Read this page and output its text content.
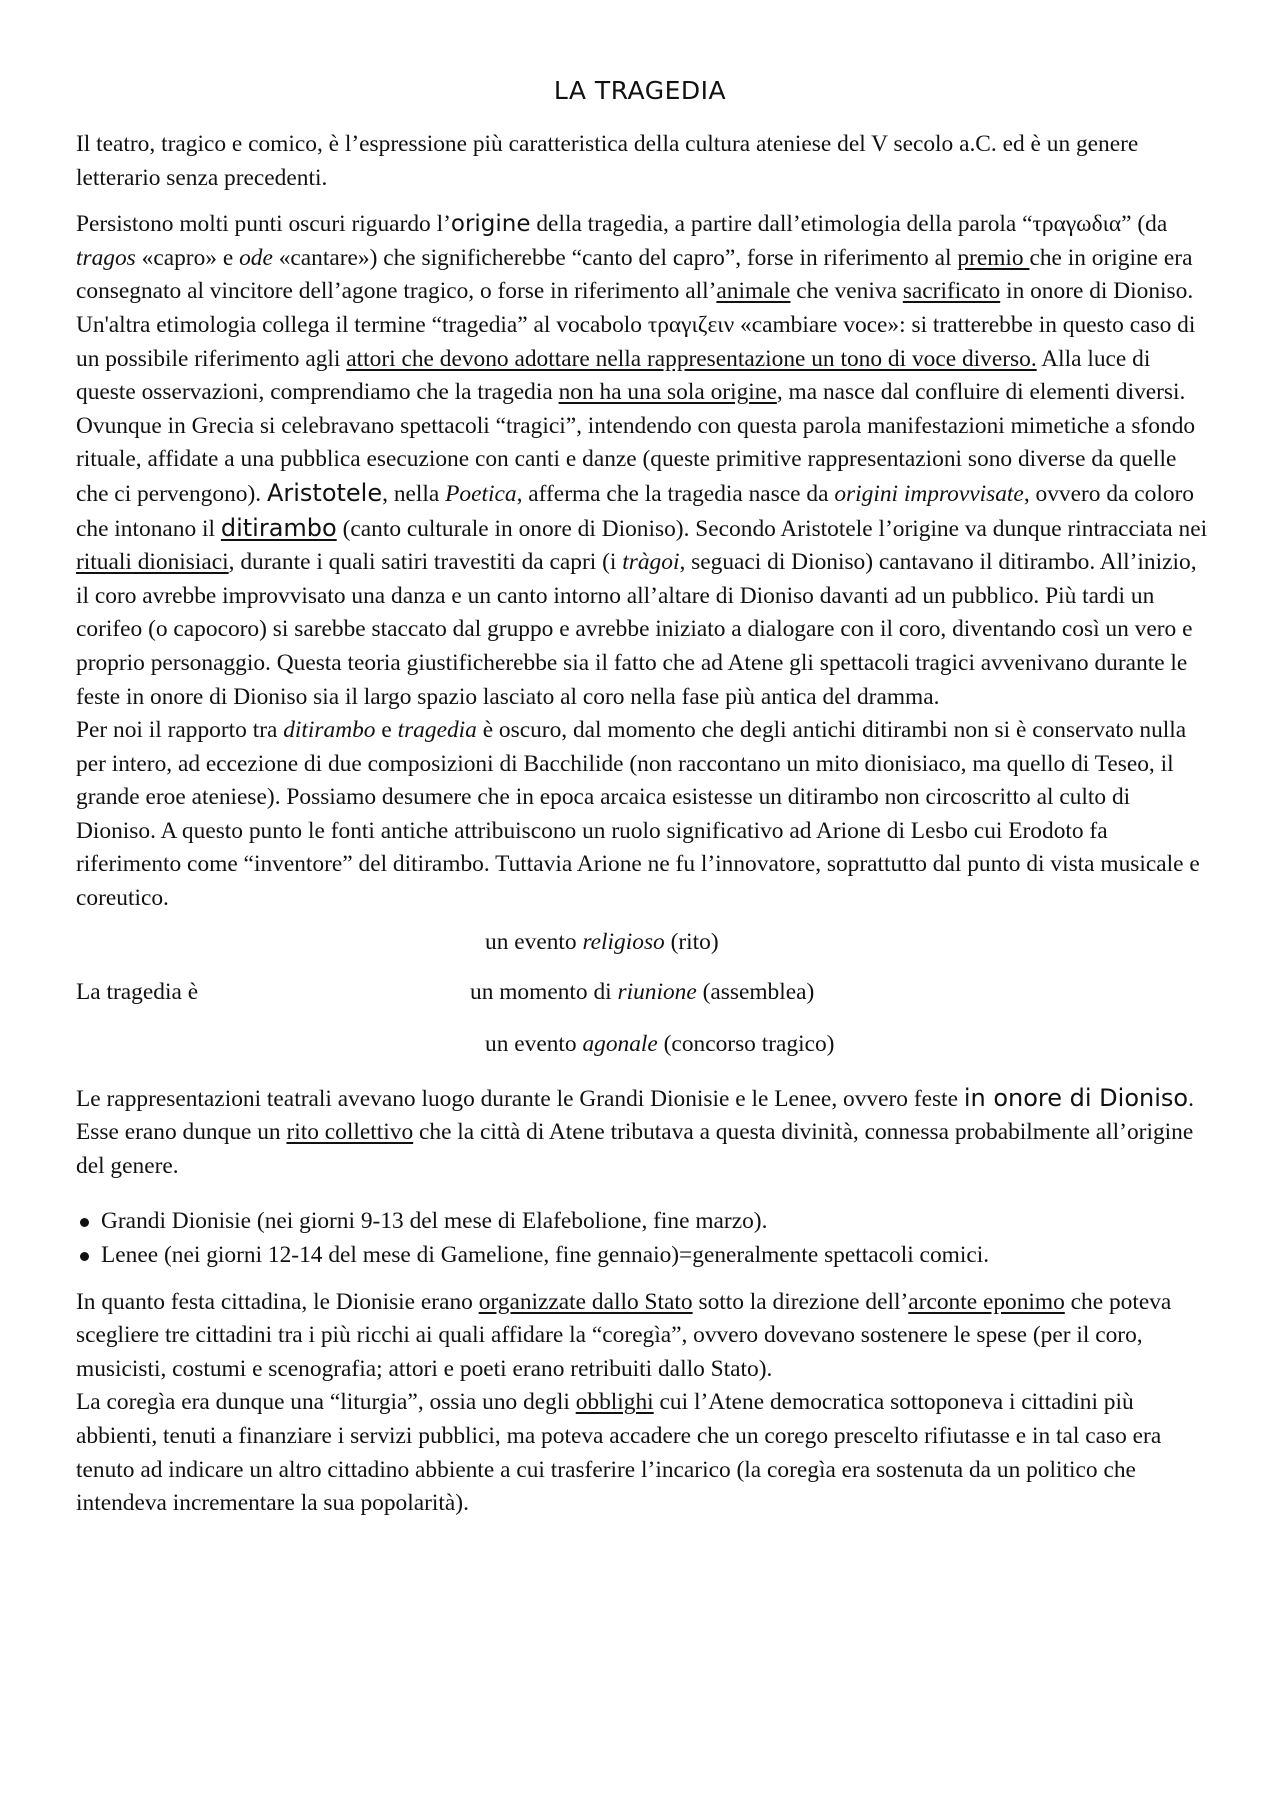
LA TRAGEDIA

Il teatro, tragico e comico, è l’espressione più caratteristica della cultura ateniese del V secolo a.C. ed è un genere letterario senza precedenti.

Persistono molti punti oscuri riguardo l’origine della tragedia, a partire dall’etimologia della parola “τραγωδια” (da tragos «capro» e ode «cantare») che significherebbe “canto del capro”, forse in riferimento al premio che in origine era consegnato al vincitore dell’agone tragico, o forse in riferimento all’animale che veniva sacrificato in onore di Dioniso. Un'altra etimologia collega il termine “tragedia” al vocabolo τραγιζειν «cambiare voce»: si tratterebbe in questo caso di un possibile riferimento agli attori che devono adottare nella rappresentazione un tono di voce diverso. Alla luce di queste osservazioni, comprendiamo che la tragedia non ha una sola origine, ma nasce dal confluire di elementi diversi. Ovunque in Grecia si celebravano spettacoli “tragici”, intendendo con questa parola manifestazioni mimetiche a sfondo rituale, affidate a una pubblica esecuzione con canti e danze (queste primitive rappresentazioni sono diverse da quelle che ci pervengono). Aristotele, nella Poetica, afferma che la tragedia nasce da origini improvvisate, ovvero da coloro che intonano il ditirambo (canto culturale in onore di Dioniso). Secondo Aristotele l’origine va dunque rintracciata nei rituali dionisiaci, durante i quali satiri travestiti da capri (i tràgoi, seguaci di Dioniso) cantavano il ditirambo. All’inizio, il coro avrebbe improvvisato una danza e un canto intorno all’altare di Dioniso davanti ad un pubblico. Più tardi un corifeo (o capocoro) si sarebbe staccato dal gruppo e avrebbe iniziato a dialogare con il coro, diventando così un vero e proprio personaggio. Questa teoria giustificherebbe sia il fatto che ad Atene gli spettacoli tragici avvenivano durante le feste in onore di Dioniso sia il largo spazio lasciato al coro nella fase più antica del dramma.

Per noi il rapporto tra ditirambo e tragedia è oscuro, dal momento che degli antichi ditirambi non si è conservato nulla per intero, ad eccezione di due composizioni di Bacchilide (non raccontano un mito dionisiaco, ma quello di Teseo, il grande eroe ateniese). Possiamo desumere che in epoca arcaica esistesse un ditirambo non circoscritto al culto di Dioniso. A questo punto le fonti antiche attribuiscono un ruolo significativo ad Arione di Lesbo cui Erodoto fa riferimento come “inventore” del ditirambo. Tuttavia Arione ne fu l’innovatore, soprattutto dal punto di vista musicale e coreutico.

un evento religioso (rito)
La tragedia è	un momento di riunione (assemblea)
un evento agonale (concorso tragico)

Le rappresentazioni teatrali avevano luogo durante le Grandi Dionisie e le Lenee, ovvero feste in onore di Dioniso. Esse erano dunque un rito collettivo che la città di Atene tributava a questa divinità, connessa probabilmente all’origine del genere.

Grandi Dionisie (nei giorni 9-13 del mese di Elafebolione, fine marzo).
Lenee (nei giorni 12-14 del mese di Gamelione, fine gennaio)=generalmente spettacoli comici.

In quanto festa cittadina, le Dionisie erano organizzate dallo Stato sotto la direzione dell’arconte eponimo che poteva scegliere tre cittadini tra i più ricchi ai quali affidare la “coregìa”, ovvero dovevano sostenere le spese (per il coro, musicisti, costumi e scenografia; attori e poeti erano retribuiti dallo Stato).

La coregìa era dunque una “liturgia”, ossia uno degli obblighi cui l’Atene democratica sottoponeva i cittadini più abbienti, tenuti a finanziare i servizi pubblici, ma poteva accadere che un corego prescelto rifiutasse e in tal caso era tenuto ad indicare un altro cittadino abbiente a cui trasferire l’incarico (la coregìa era sostenuta da un politico che intendeva incrementare la sua popolarità).
